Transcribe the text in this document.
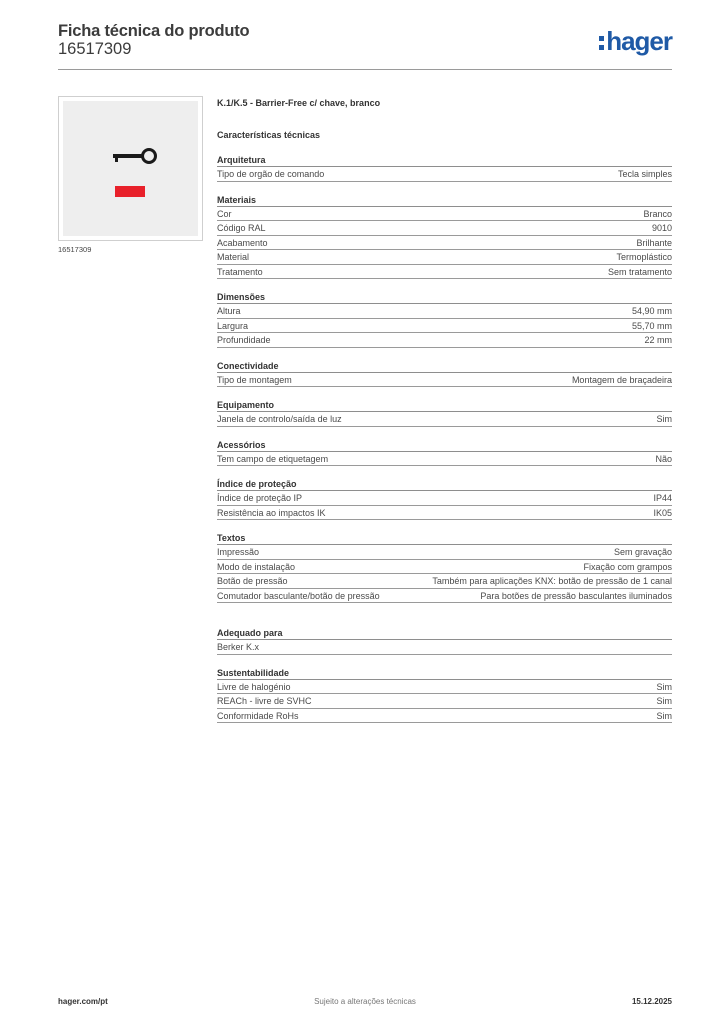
Ficha técnica do produto
16517309	hager
16517309
K.1/K.5 - Barrier-Free c/ chave, branco
Características técnicas
Arquitetura
Tipo de orgão de comando	Tecla simples
Materiais
Cor	Branco
Código RAL	9010
Acabamento	Brilhante
Material	Termoplástico
Tratamento	Sem tratamento
Dimensões
Altura	54,90 mm
Largura	55,70 mm
Profundidade	22 mm
Conectividade
Tipo de montagem	Montagem de braçadeira
Equipamento
Janela de controlo/saída de luz	Sim
Acessórios
Tem campo de etiquetagem	Não
Índice de proteção
Índice de proteção IP	IP44
Resistência ao impactos IK	IK05
Textos
Impressão	Sem gravação
Modo de instalação	Fixação com grampos
Botão de pressão	Também para aplicações KNX: botão de pressão de 1 canal
Comutador basculante/botão de pressão	Para botões de pressão basculantes iluminados
Adequado para
Berker K.x
Sustentabilidade
Livre de halogénio	Sim
REACh - livre de SVHC	Sim
Conformidade RoHs	Sim
hager.com/pt	Sujeito a alterações técnicas	15.12.2025
